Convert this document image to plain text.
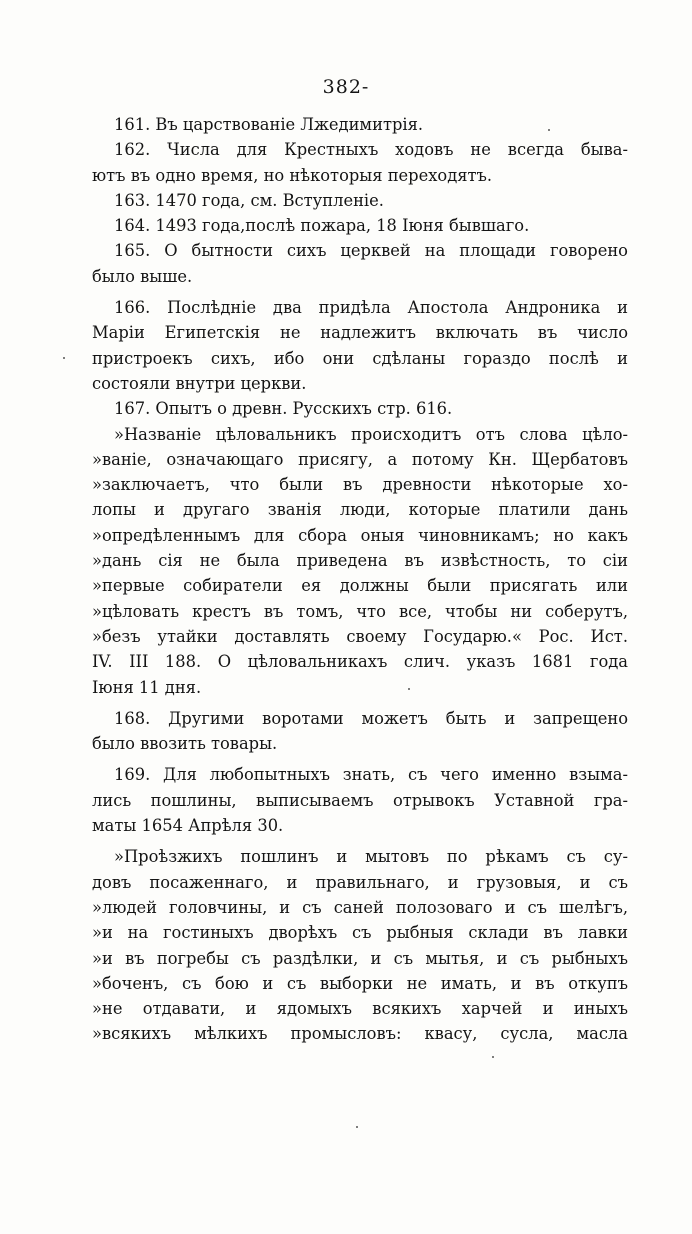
382-
161. Въ царствованіе Лжедимитрія.
162. Числа для Крестныхъ ходовъ не всегда быва-
ютъ въ одно время, но нѣкоторыя переходятъ.
163. 1470 года, см. Вступленіе.
164. 1493 года,послѣ пожара, 18 Іюня бывшаго.
165. О бытности сихъ церквей на площади говорено
было выше.
166. Послѣдніе два придѣла Апостола Андроника и
Маріи Египетскія не надлежитъ включать въ число
пристроекъ сихъ, ибо они сдѣланы гораздо послѣ и
состояли внутри церкви.
167. Опытъ о древн. Русскихъ стр. 616.
»Названіе цѣловальникъ происходитъ отъ слова цѣло-
»ваніе, означающаго присягу, а потому Кн. Щербатовъ
»заключаетъ, что были въ древности нѣкоторые хо-
лопы и другаго званія люди, которые платили дань
»опредѣленнымъ для сбора оныя чиновникамъ; но какъ
»дань сія не была приведена въ извѣстность, то сіи
»первые собиратели ея должны были присягать или
»цѣловать крестъ въ томъ, что все, чтобы ни соберутъ,
»безъ утайки доставлять своему Государю.« Рос. Ист.
IV. III 188. О цѣловальникахъ слич. указъ 1681 года
Іюня 11 дня.
168. Другими воротами можетъ быть и запрещено
было ввозить товары.
169. Для любопытныхъ знать, съ чего именно взыма-
лись пошлины, выписываемъ отрывокъ Уставной гра-
маты 1654 Апрѣля 30.
»Проѣзжихъ пошлинъ и мытовъ по рѣкамъ съ су-
довъ посаженнаго, и правильнаго, и грузовыя, и съ
»людей головчины, и съ саней полозоваго и съ шелѣгъ,
»и на гостиныхъ дворѣхъ съ рыбныя склади въ лавки
»и въ погребы съ раздѣлки, и съ мытья, и съ рыбныхъ
»боченъ, съ бою и съ выборки не имать, и въ откупъ
»не отдавати, и ядомыхъ всякихъ харчей и иныхъ
»всякихъ мѣлкихъ промысловъ: квасу, сусла, масла
